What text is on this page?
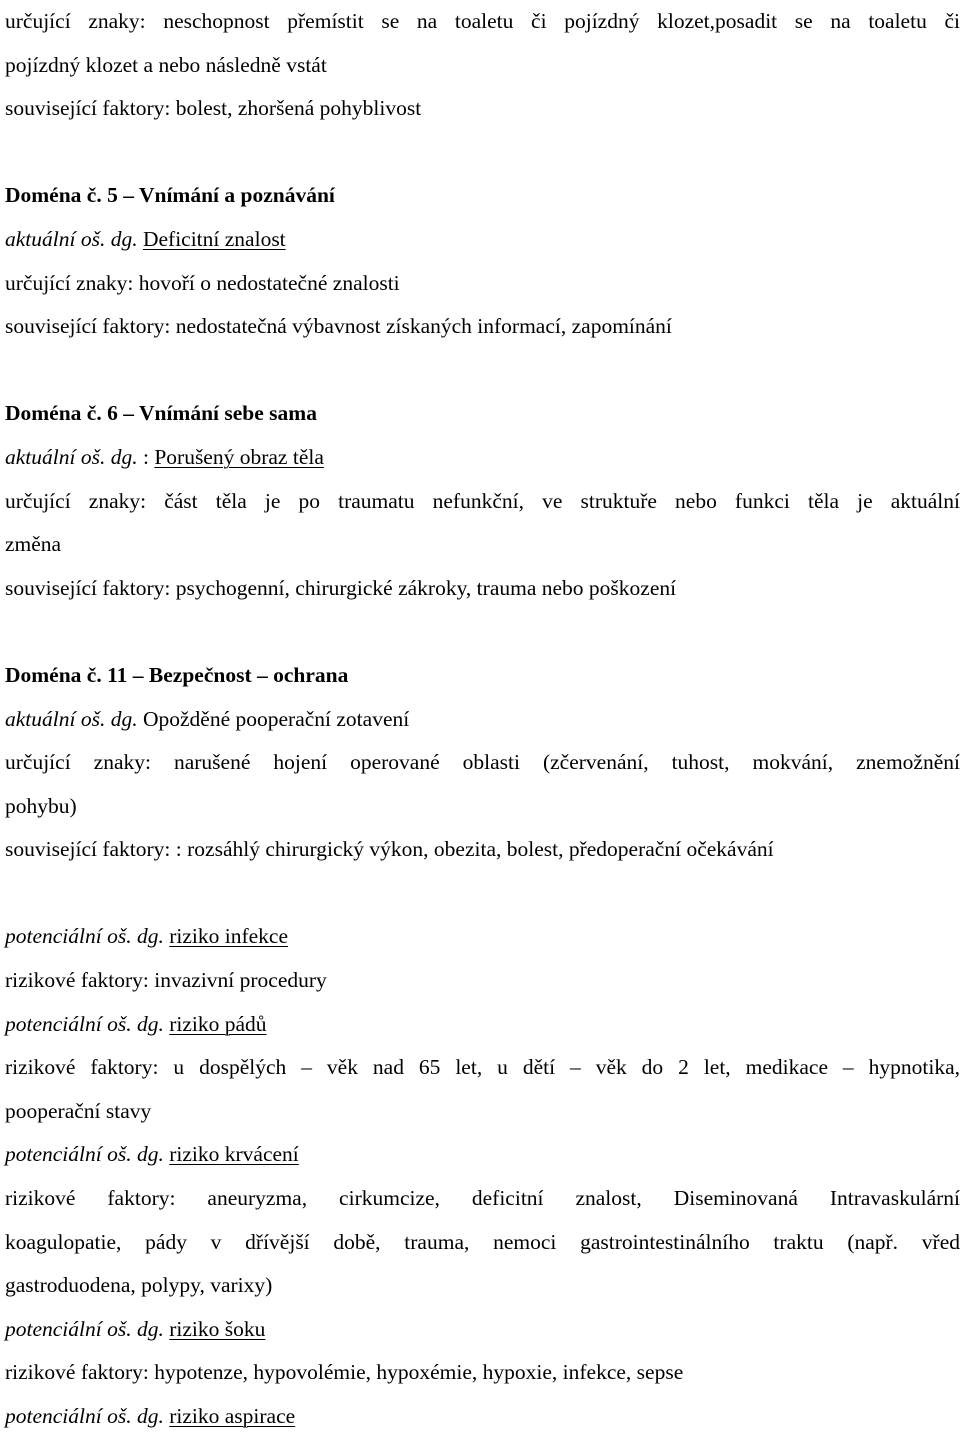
určující znaky: neschopnost přemístit se na toaletu či pojízdný klozet,posadit se na toaletu či
pojízdný klozet a nebo následně vstát
související faktory: bolest, zhoršená pohyblivost
Doména č. 5 – Vnímání a poznávání
aktuální oš. dg. Deficitní znalost
určující znaky: hovoří o nedostatečné znalosti
související faktory: nedostatečná výbavnost získaných informací, zapomínání
Doména č. 6 – Vnímání sebe sama
aktuální oš. dg. : Porušený obraz těla
určující znaky: část těla je po traumatu nefunkční, ve struktuře nebo funkci těla je aktuální
změna
související faktory: psychogenní, chirurgické zákroky, trauma nebo poškození
Doména č. 11 – Bezpečnost – ochrana
aktuální oš. dg. Opožděné pooperační zotavení
určující znaky: narušené hojení operované oblasti (zčervenání, tuhost, mokvání, znemožnění
pohybu)
související faktory: : rozsáhlý chirurgický výkon, obezita, bolest, předoperační očekávání
potenciální oš. dg. riziko infekce
rizikové faktory: invazivní procedury
potenciální oš. dg. riziko pádů
rizikové faktory: u dospělých – věk nad 65 let, u dětí – věk do 2 let, medikace – hypnotika,
pooperační stavy
potenciální oš. dg. riziko krvácení
rizikové faktory: aneuryzma, cirkumcize, deficitní znalost, Diseminovaná Intravaskulární
koagulopatie, pády v dřívější době, trauma, nemoci gastrointestinálního traktu (např. vřed
gastroduodena, polypy, varixy)
potenciální oš. dg. riziko šoku
rizikové faktory: hypotenze, hypovolémie, hypoxémie, hypoxie, infekce, sepse
potenciální oš. dg. riziko aspirace
